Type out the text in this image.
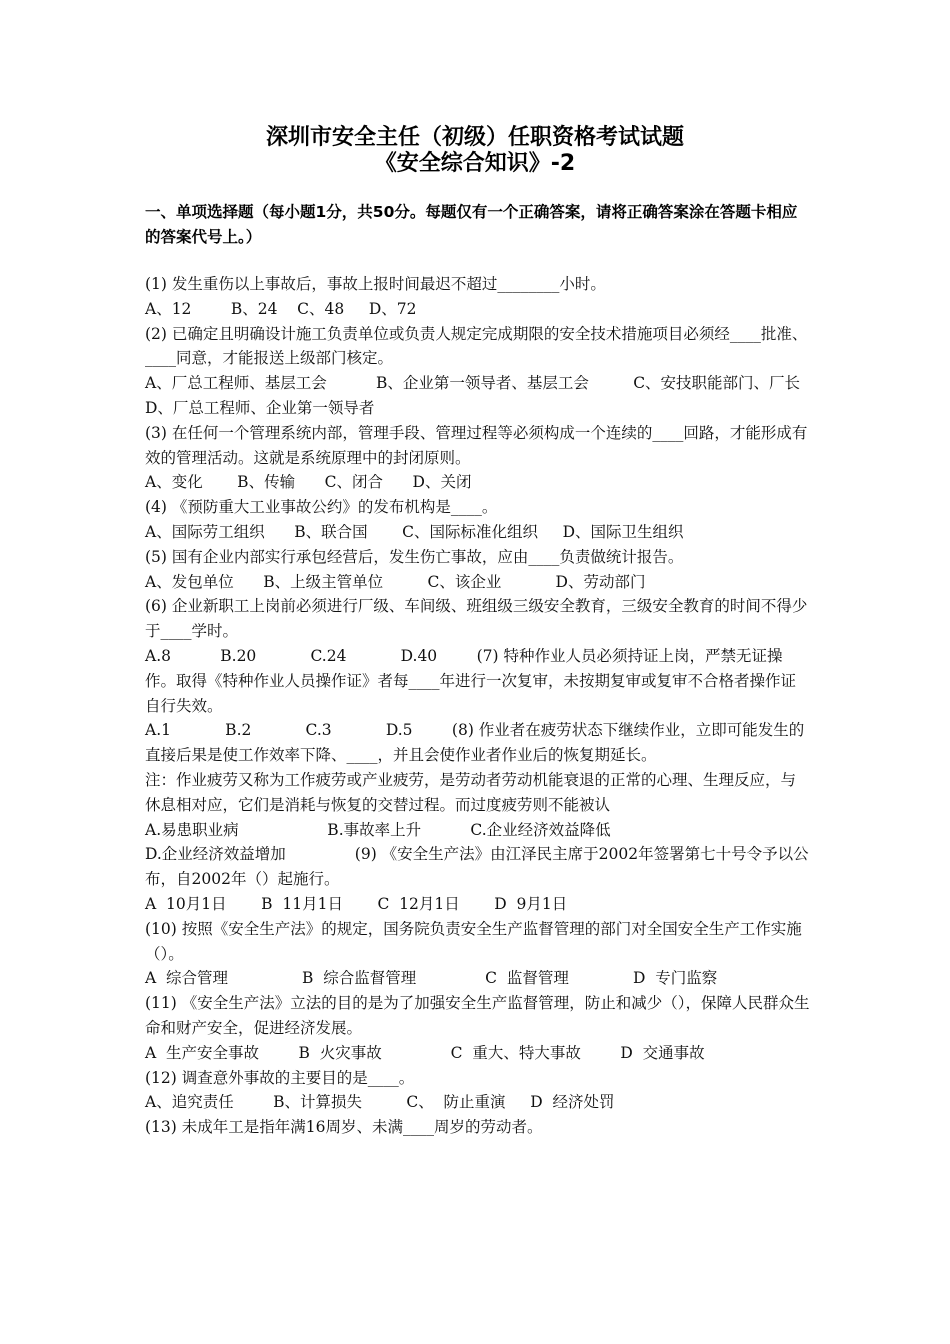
深圳市安全主任（初级）任职资格考试试题
《安全综合知识》-2
一、单项选择题（每小题1分，共50分。每题仅有一个正确答案，请将正确答案涂在答题卡相应的答案代号上。）

(1) 发生重伤以上事故后，事故上报时间最迟不超过________小时。

A、12        B、24    C、48     D、72

(2) 已确定且明确设计施工负责单位或负责人规定完成期限的安全技术措施项目必须经____批准、____同意，才能报送上级部门核定。

A、厂总工程师、基层工会          B、企业第一领导者、基层工会         C、安技职能部门、厂长       D、厂总工程师、企业第一领导者

(3) 在任何一个管理系统内部，管理手段、管理过程等必须构成一个连续的____回路，才能形成有效的管理活动。这就是系统原理中的封闭原则。

A、变化       B、传输      C、闭合      D、关闭

(4) 《预防重大工业事故公约》的发布机构是____。

A、国际劳工组织      B、联合国       C、国际标准化组织     D、国际卫生组织

(5) 国有企业内部实行承包经营后，发生伤亡事故，应由____负责做统计报告。

A、发包单位      B、上级主管单位         C、该企业           D、劳动部门

(6) 企业新职工上岗前必须进行厂级、车间级、班组级三级安全教育，三级安全教育的时间不得少于____学时。

A.8          B.20           C.24           D.40        (7) 特种作业人员必须持证上岗，严禁无证操作。取得《特种作业人员操作证》者每____年进行一次复审，未按期复审或复审不合格者操作证自行失效。

A.1           B.2           C.3           D.5        (8) 作业者在疲劳状态下继续作业，立即可能发生的直接后果是使工作效率下降、____，并且会使作业者作业后的恢复期延长。

注：作业疲劳又称为工作疲劳或产业疲劳，是劳动者劳动机能衰退的正常的心理、生理反应，与休息相对应，它们是消耗与恢复的交替过程。而过度疲劳则不能被认

A.易患职业病                  B.事故率上升          C.企业经济效益降低

D.企业经济效益增加              (9) 《安全生产法》由江泽民主席于2002年签署第七十号令予以公布，自2002年（）起施行。

A  10月1日       B  11月1日       C  12月1日       D  9月1日

(10) 按照《安全生产法》的规定，国务院负责安全生产监督管理的部门对全国安全生产工作实施（）。

A  综合管理               B  综合监督管理              C  监督管理             D  专门监察

(11) 《安全生产法》立法的目的是为了加强安全生产监督管理，防止和减少（），保障人民群众生命和财产安全，促进经济发展。

A  生产安全事故        B  火灾事故              C  重大、特大事故        D  交通事故

(12) 调查意外事故的主要目的是____。

A、追究责任        B、计算损失         C、  防止重演     D  经济处罚

(13) 未成年工是指年满16周岁、未满____周岁的劳动者。
